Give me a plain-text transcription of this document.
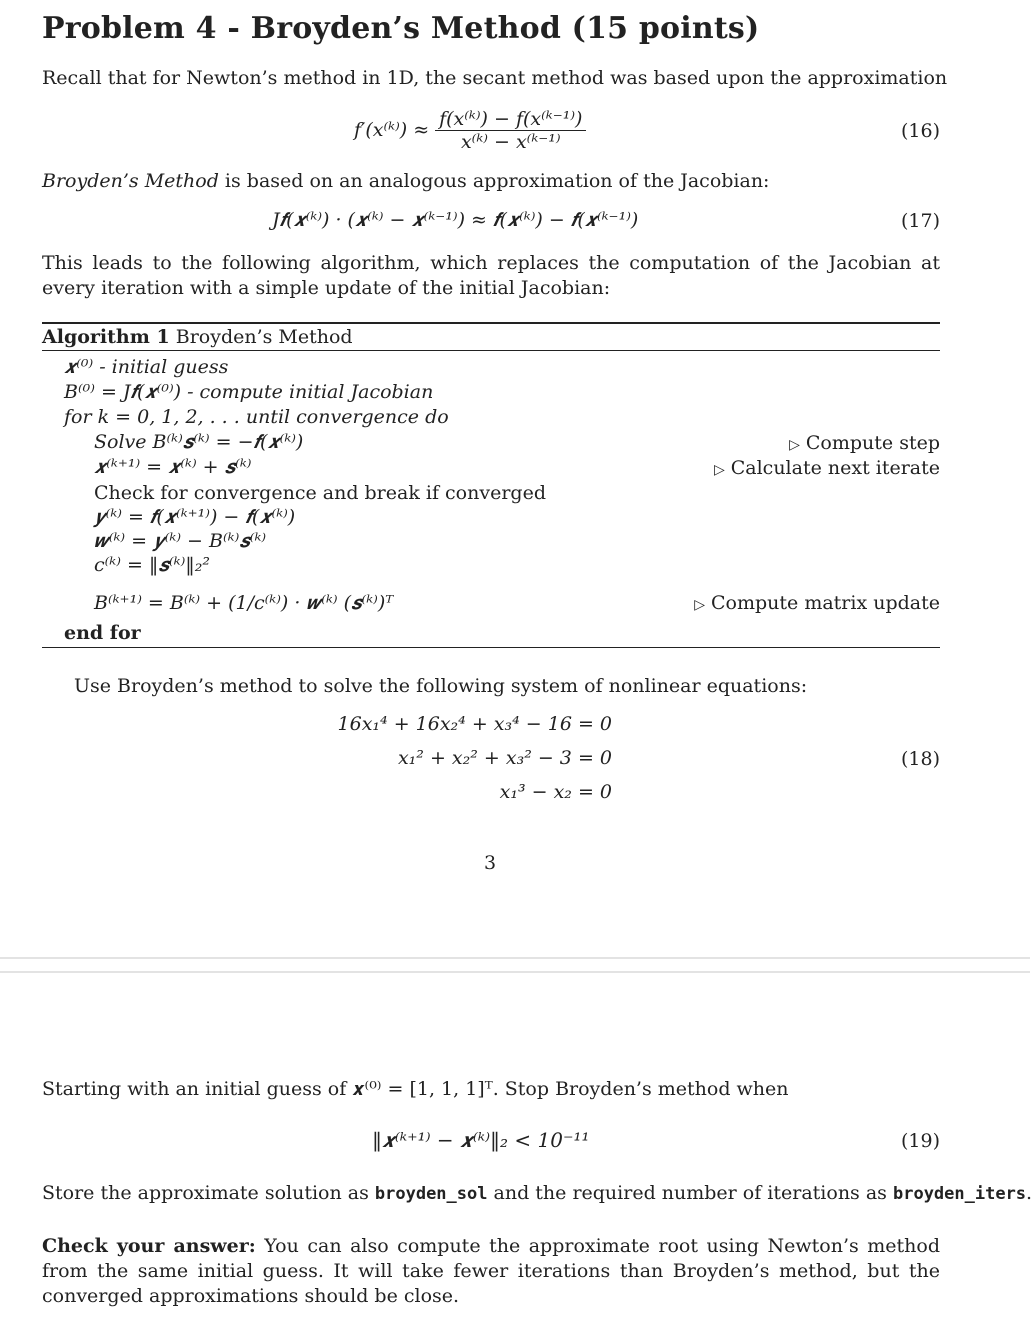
Problem 4 - Broyden’s Method (15 points)
Recall that for Newton’s method in 1D, the secant method was based upon the approximation
f′(x⁽ᵏ⁾) ≈ $\frac{\text{f(x⁽ᵏ⁾) − f(x⁽ᵏ⁻¹⁾)}}{\text{x⁽ᵏ⁾ − x⁽ᵏ⁻¹⁾}}$	(16)
Broyden’s Method is based on an analogous approximation of the Jacobian:
J𝒇(𝒙⁽ᵏ⁾) · (𝒙⁽ᵏ⁾ − 𝒙⁽ᵏ⁻¹⁾) ≈ 𝒇(𝒙⁽ᵏ⁾) − 𝒇(𝒙⁽ᵏ⁻¹⁾)	(17)
This leads to the following algorithm, which replaces the computation of the Jacobian at every iteration with a simple update of the initial Jacobian:
Algorithm 1 Broyden’s Method
𝒙⁽⁰⁾ - initial guess
B⁽⁰⁾ = J𝒇(𝒙⁽⁰⁾) - compute initial Jacobian
for k = 0, 1, 2, . . . until convergence do
Solve B⁽ᵏ⁾𝒔⁽ᵏ⁾ = −𝒇(𝒙⁽ᵏ⁾)
𝒙⁽ᵏ⁺¹⁾ = 𝒙⁽ᵏ⁾ + 𝒔⁽ᵏ⁾
Check for convergence and break if converged
𝒚⁽ᵏ⁾ = 𝒇(𝒙⁽ᵏ⁺¹⁾) − 𝒇(𝒙⁽ᵏ⁾)
𝒘⁽ᵏ⁾ = 𝒚⁽ᵏ⁾ − B⁽ᵏ⁾𝒔⁽ᵏ⁾
c⁽ᵏ⁾ = ‖𝒔⁽ᵏ⁾‖₂²
B⁽ᵏ⁺¹⁾ = B⁽ᵏ⁾ + (1/c⁽ᵏ⁾) · 𝒘⁽ᵏ⁾ (𝒔⁽ᵏ⁾)ᵀ
end for
▷ Compute step
▷ Calculate next iterate
▷ Compute matrix update
Use Broyden’s method to solve the following system of nonlinear equations:
16x₁⁴ + 16x₂⁴ + x₃⁴ − 16 = 0
x₁² + x₂² + x₃² − 3 = 0
x₁³ − x₂ = 0
(18)
3
Starting with an initial guess of 𝒙⁽⁰⁾ = [1, 1, 1]ᵀ. Stop Broyden’s method when
‖𝒙⁽ᵏ⁺¹⁾ − 𝒙⁽ᵏ⁾‖₂ < 10⁻¹¹	(19)
Store the approximate solution as broyden_sol and the required number of iterations as broyden_iters.
Check your answer: You can also compute the approximate root using Newton’s method from the same initial guess. It will take fewer iterations than Broyden’s method, but the converged approximations should be close.
